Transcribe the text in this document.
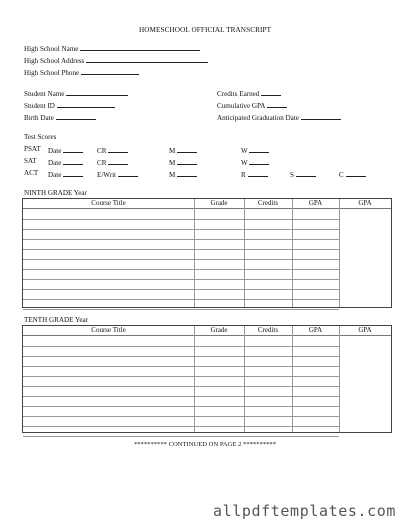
HOMESCHOOL OFFICIAL TRANSCRIPT
High School Name
High School Address
High School Phone
Student Name
Student ID
Birth Date
Credits Earned
Cumulative GPA
Anticipated Graduation Date
Test Scores
PSAT Date	CR	M	W
SAT Date	CR	M	W
ACT Date	E/Writ	M	R	S	C
NINTH GRADE Year
Course Title	Grade	Credits	GPA	GPA
TENTH GRADE Year
Course Title	Grade	Credits	GPA	GPA
********** CONTINUED ON PAGE 2 **********
allpdftemplates.com
